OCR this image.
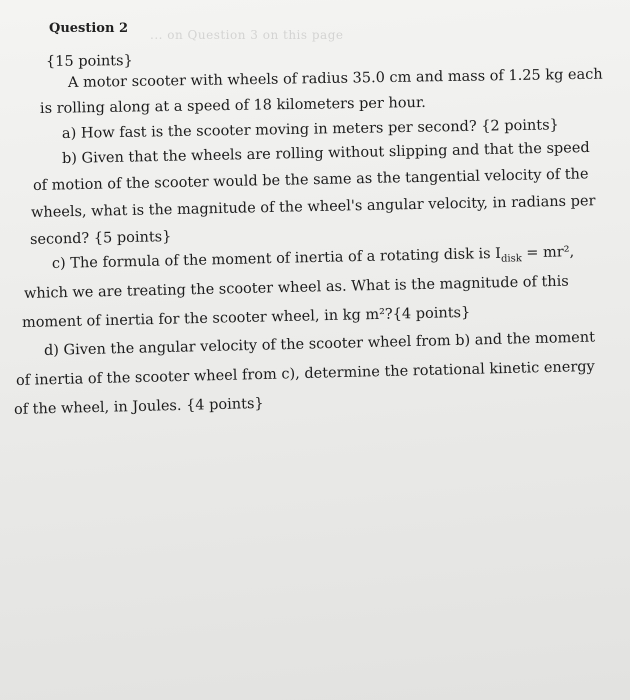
... on Question 3 on this page
Question 2
{15 points}
A motor scooter with wheels of radius 35.0 cm and mass of 1.25 kg each
is rolling along at a speed of 18 kilometers per hour.
a) How fast is the scooter moving in meters per second? {2 points}
b) Given that the wheels are rolling without slipping and that the speed
of motion of the scooter would be the same as the tangential velocity of the
wheels, what is the magnitude of the wheel's angular velocity, in radians per
second? {5 points}
c) The formula of the moment of inertia of a rotating disk is $I_{disk} = mr^2$,
which we are treating the scooter wheel as. What is the magnitude of this
moment of inertia for the scooter wheel, in kg m²?{4 points}
d) Given the angular velocity of the scooter wheel from b) and the moment
of inertia of the scooter wheel from c), determine the rotational kinetic energy
of the wheel, in Joules. {4 points}
